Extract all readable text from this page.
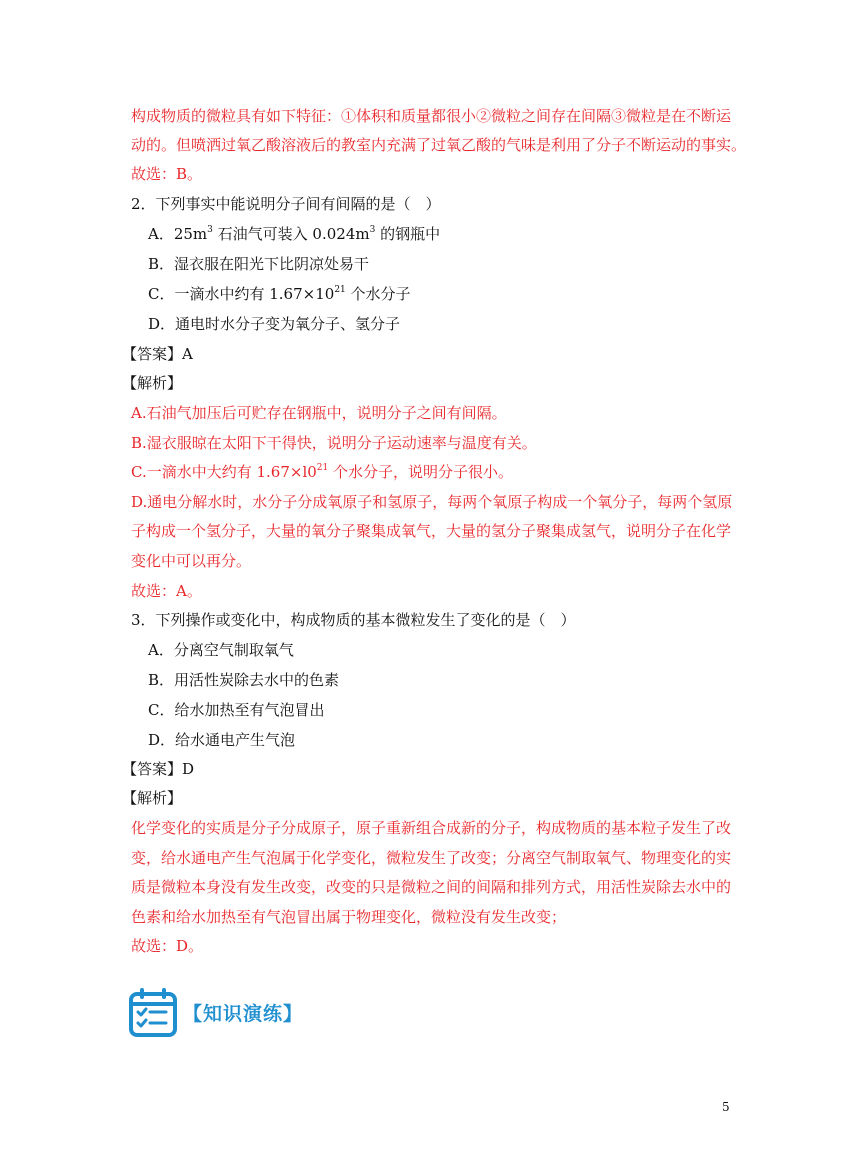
构成物质的微粒具有如下特征：①体积和质量都很小②微粒之间存在间隔③微粒是在不断运
动的。但喷洒过氧乙酸溶液后的教室内充满了过氧乙酸的气味是利用了分子不断运动的事实。
故选：B。
2．下列事实中能说明分子间有间隔的是（　）
A．$25m^3$ 石油气可装入 $0.024m^3$ 的钢瓶中
B．湿衣服在阳光下比阴凉处易干
C．一滴水中约有 $1.67\times 10^{21}$ 个水分子
D．通电时水分子变为氧分子、氢分子
【答案】A
【解析】
A.石油气加压后可贮存在钢瓶中，说明分子之间有间隔。
B.湿衣服晾在太阳下干得快，说明分子运动速率与温度有关。
C.一滴水中大约有 $1.67\times l0^{21}$ 个水分子，说明分子很小。
D.通电分解水时，水分子分成氧原子和氢原子，每两个氧原子构成一个氧分子，每两个氢原
子构成一个氢分子，大量的氧分子聚集成氧气，大量的氢分子聚集成氢气，说明分子在化学
变化中可以再分。
故选：A。
3．下列操作或变化中，构成物质的基本微粒发生了变化的是（　）
A．分离空气制取氧气
B．用活性炭除去水中的色素
C．给水加热至有气泡冒出
D．给水通电产生气泡
【答案】D
【解析】
化学变化的实质是分子分成原子，原子重新组合成新的分子，构成物质的基本粒子发生了改
变，给水通电产生气泡属于化学变化，微粒发生了改变；分离空气制取氧气、物理变化的实
质是微粒本身没有发生改变，改变的只是微粒之间的间隔和排列方式，用活性炭除去水中的
色素和给水加热至有气泡冒出属于物理变化，微粒没有发生改变；
故选：D。
【知识演练】
5
